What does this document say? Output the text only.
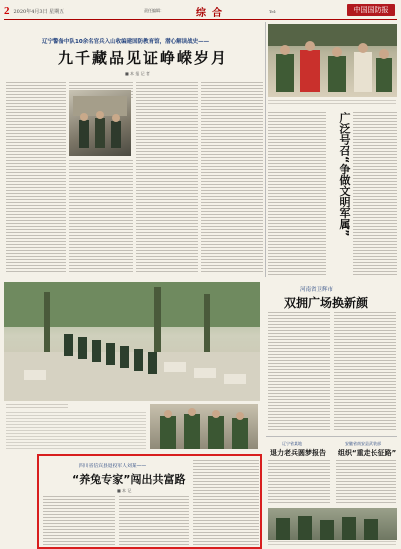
2 2020年4月3日 星期五	责任编辑：	综合	Tel:	中国国防报
辽宁警备中队10余名官兵入山收编建国防教育馆，潜心解读战史——
九千藏品见证峥嵘岁月
■ 本 报 记 者
广泛号召“争做文明军属”
河南省卫辉市
双拥广场换新颜
辽宁省某地
退力老兵圆梦报告
安徽省南安县武装部
组织“重走长征路”
四川省信宾县退役军人刘某——
“养兔专家”闯出共富路
■ 本 记
